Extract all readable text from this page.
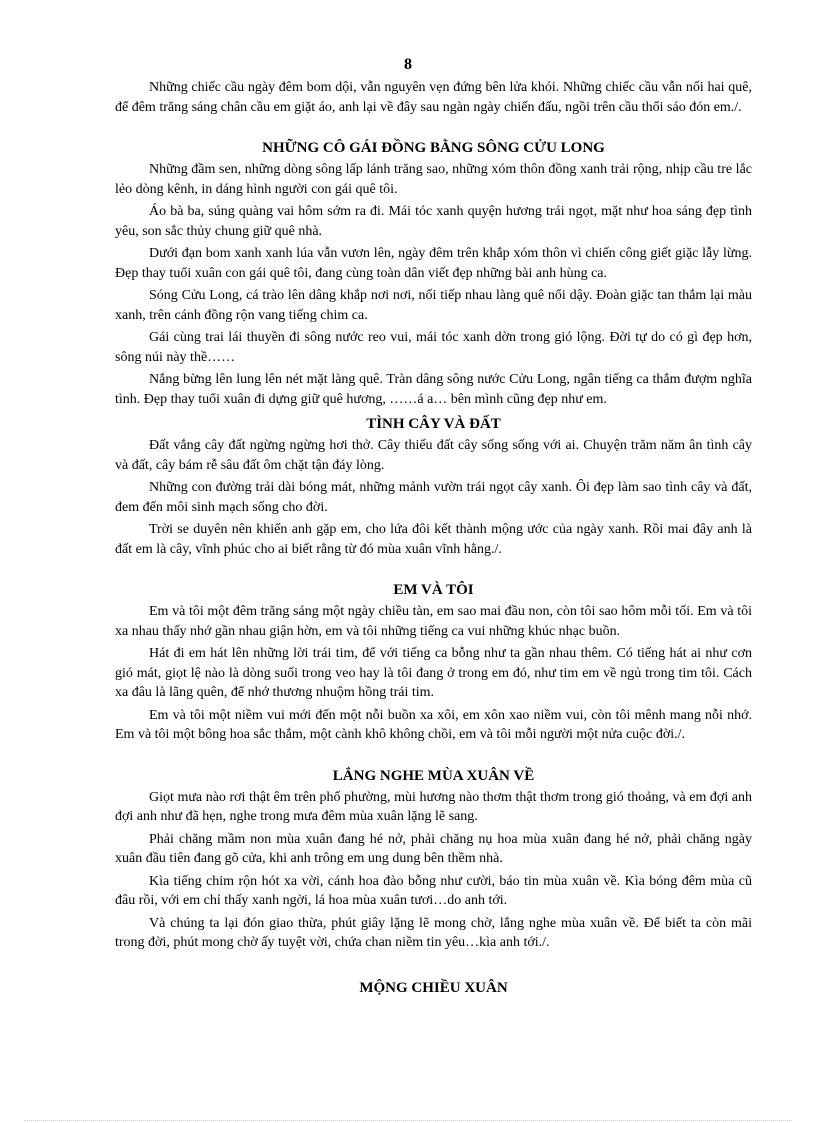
8

Những chiếc cầu ngày đêm bom dội, vẫn nguyên vẹn đứng bên lửa khói. Những chiếc cầu vẫn nối hai quê, để đêm trăng sáng chân cầu em giặt áo, anh lại về đây sau ngàn ngày chiến đấu, ngồi trên cầu thổi sáo đón em./.

NHỮNG CÔ GÁI ĐỒNG BẰNG SÔNG CỬU LONG

Những đầm sen, những dòng sông lấp lánh trăng sao, những xóm thôn đồng xanh trải rộng, nhịp cầu tre lắc lẻo dòng kênh, in dáng hình người con gái quê tôi.

Áo bà ba, súng quàng vai hôm sớm ra đi. Mái tóc xanh quyện hương trái ngọt, mặt như hoa sáng đẹp tình yêu, son sắc thủy chung giữ quê nhà.

Dưới đạn bom xanh xanh lúa vẫn vươn lên, ngày đêm trên khắp xóm thôn vì chiến công giết giặc lẫy lừng. Đẹp thay tuổi xuân con gái quê tôi, đang cùng toàn dân viết đẹp những bài anh hùng ca.

Sóng Cửu Long, cá trào lên dâng khắp nơi nơi, nối tiếp nhau làng quê nổi dậy. Đoàn giặc tan thắm lại màu xanh, trên cánh đồng rộn vang tiếng chim ca.

Gái cùng trai lái thuyền đi sông nước reo vui, mái tóc xanh dờn trong gió lộng. Đời tự do có gì đẹp hơn, sông núi này thề……

Nắng bừng lên lung lên nét mặt làng quê. Tràn dâng sông nước Cửu Long, ngân tiếng ca thắm đượm nghĩa tình. Đẹp thay tuổi xuân đi dựng giữ quê hương, ……á a… bên mình cũng đẹp như em.

TÌNH CÂY VÀ ĐẤT

Đất vắng cây đất ngừng ngừng hơi thở. Cây thiếu đất cây sống sống với ai. Chuyện trăm năm ân tình cây và đất, cây bám rễ sâu đất ôm chặt tận đáy lòng.

Những con đường trải dài bóng mát, những mảnh vườn trái ngọt cây xanh. Ôi đẹp làm sao tình cây và đất, đem đến môi sinh mạch sống cho đời.

Trời se duyên nên khiến anh gặp em, cho lứa đôi kết thành mộng ước của ngày xanh. Rồi mai đây anh là đất em là cây, vĩnh phúc cho ai biết rằng từ đó mùa xuân vĩnh hằng./.

EM VÀ TÔI

Em và tôi một đêm trăng sáng một ngày chiều tàn, em sao mai đầu non, còn tôi sao hôm mỗi tối. Em và tôi xa nhau thấy nhớ gần nhau giận hờn, em và tôi những tiếng ca vui những khúc nhạc buồn.

Hát đi em hát lên những lời trái tim, để với tiếng ca bỗng như ta gần nhau thêm. Có tiếng hát ai như cơn gió mát, giọt lệ nào là dòng suối trong veo hay là tôi đang ở trong em đó, như tim em về ngủ trong tim tôi. Cách xa đâu là lãng quên, để nhớ thương nhuộm hồng trái tim.

Em và tôi một niềm vui mới đến một nỗi buồn xa xôi, em xôn xao niềm vui, còn tôi mênh mang nỗi nhớ. Em và tôi một bông hoa sắc thắm, một cành khô không chồi, em và tôi mỗi người một nửa cuộc đời./.

LẮNG NGHE MÙA XUÂN VỀ

Giọt mưa nào rơi thật êm trên phố phường, mùi hương nào thơm thật thơm trong gió thoảng, và em đợi anh đợi anh như đã hẹn, nghe trong mưa đêm mùa xuân lặng lẽ sang.

Phải chăng mầm non mùa xuân đang hé nở, phải chăng nụ hoa mùa xuân đang hé nở, phải chăng ngày xuân đầu tiên đang gõ cửa, khi anh trông em ung dung bên thềm nhà.

Kìa tiếng chim rộn hót xa vời, cánh hoa đào bỗng như cười, báo tin mùa xuân về. Kìa bóng đêm mùa cũ đâu rồi, với em chỉ thấy xanh ngời, lá hoa mùa xuân tươi…do anh tới.

Và chúng ta lại đón giao thừa, phút giây lặng lẽ mong chờ, lắng nghe mùa xuân về. Để biết ta còn mãi trong đời, phút mong chờ ấy tuyệt vời, chứa chan niềm tin yêu…kìa anh tới./.

MỘNG CHIỀU XUÂN
